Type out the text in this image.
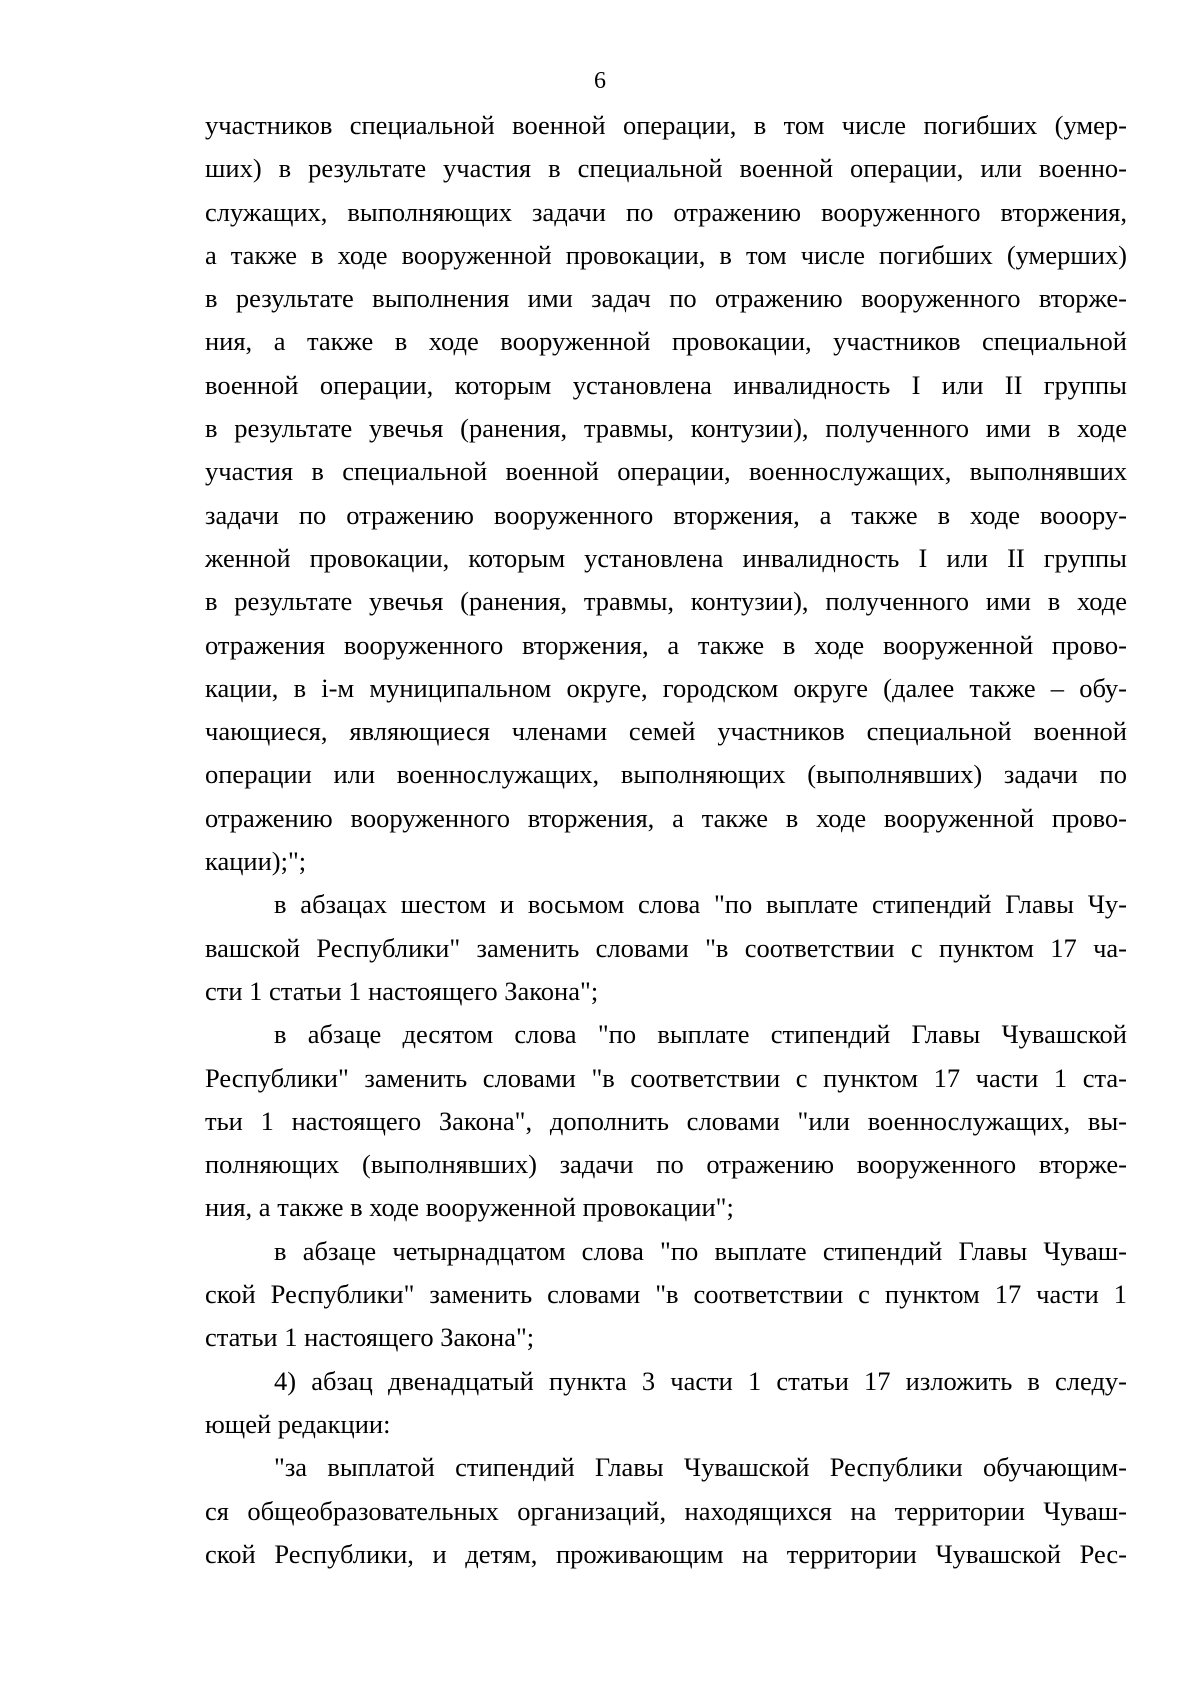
6

участников специальной военной операции, в том числе погибших (умер-
ших) в результате участия в специальной военной операции, или военно-
служащих, выполняющих задачи по отражению вооруженного вторжения,
а также в ходе вооруженной провокации, в том числе погибших (умерших)
в результате выполнения ими задач по отражению вооруженного вторже-
ния, а также в ходе вооруженной провокации, участников специальной
военной операции, которым установлена инвалидность I или II группы
в результате увечья (ранения, травмы, контузии), полученного ими в ходе
участия в специальной военной операции, военнослужащих, выполнявших
задачи по отражению вооруженного вторжения, а также в ходе вооору-
женной провокации, которым установлена инвалидность I или II группы
в результате увечья (ранения, травмы, контузии), полученного ими в ходе
отражения вооруженного вторжения, а также в ходе вооруженной прово-
кации, в і-м муниципальном округе, городском округе (далее также – обу-
чающиеся, являющиеся членами семей участников специальной военной
операции или военнослужащих, выполняющих (выполнявших) задачи по
отражению вооруженного вторжения, а также в ходе вооруженной прово-
кации);";

в абзацах шестом и восьмом слова "по выплате стипендий Главы Чу-
вашской Республики" заменить словами "в соответствии с пунктом 17 ча-
сти 1 статьи 1 настоящего Закона";

в абзаце десятом слова "по выплате стипендий Главы Чувашской
Республики" заменить словами "в соответствии с пунктом 17 части 1 ста-
тьи 1 настоящего Закона", дополнить словами "или военнослужащих, вы-
полняющих (выполнявших) задачи по отражению вооруженного вторже-
ния, а также в ходе вооруженной провокации";

в абзаце четырнадцатом слова "по выплате стипендий Главы Чуваш-
ской Республики" заменить словами "в соответствии с пунктом 17 части 1
статьи 1 настоящего Закона";

4) абзац двенадцатый пункта 3 части 1 статьи 17 изложить в следу-
ющей редакции:

"за выплатой стипендий Главы Чувашской Республики обучающим-
ся общеобразовательных организаций, находящихся на территории Чуваш-
ской Республики, и детям, проживающим на территории Чувашской Рес-
